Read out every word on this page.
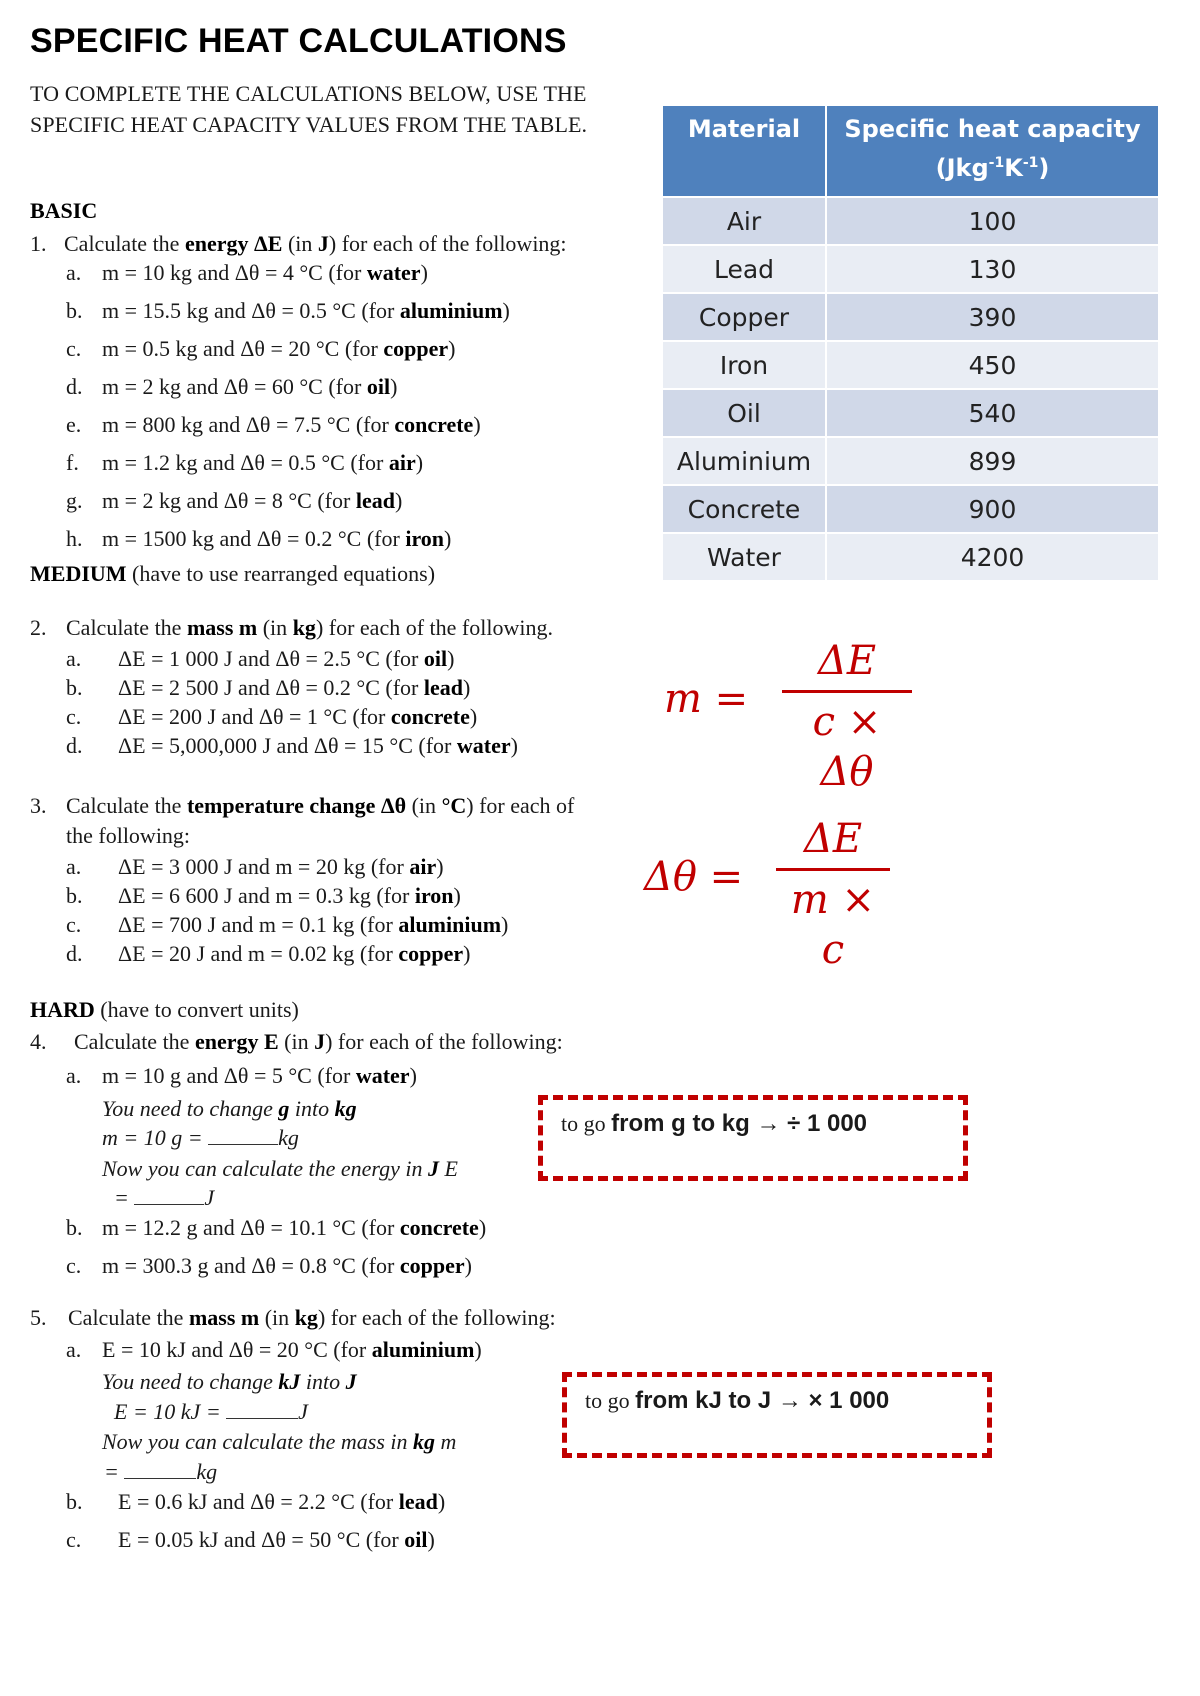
SPECIFIC HEAT CALCULATIONS
TO COMPLETE THE CALCULATIONS BELOW, USE THE SPECIFIC HEAT CAPACITY VALUES FROM THE TABLE.	Material	Specific heat capacity
$(Jkg^{-1}K^{-1})$

Air	100
Lead	130
Copper	390
Iron	450
Oil	540
Aluminium	899
Concrete	900
Water	4200
BASIC
1. Calculate the energy ΔE (in J) for each of the following:
a. m = 10 kg and Δθ = 4 °C (for water)
b. m = 15.5 kg and Δθ = 0.5 °C (for aluminium)
c. m = 0.5 kg and Δθ = 20 °C (for copper)
d. m = 2 kg and Δθ = 60 °C (for oil)
e. m = 800 kg and Δθ = 7.5 °C (for concrete)
f. m = 1.2 kg and Δθ = 0.5 °C (for air)
g. m = 2 kg and Δθ = 8 °C (for lead)
h. m = 1500 kg and Δθ = 0.2 °C (for iron)
MEDIUM (have to use rearranged equations)
2. Calculate the mass m (in kg) for each of the following.
a. ΔE = 1 000 J and Δθ = 2.5 °C (for oil)
b. ΔE = 2 500 J and Δθ = 0.2 °C (for lead)
c. ΔE = 200 J and Δθ = 1 °C (for concrete)
d. ΔE = 5,000,000 J and Δθ = 15 °C (for water)
3. Calculate the temperature change Δθ (in °C) for each of
the following:
a. ΔE = 3 000 J and m = 20 kg (for air)
b. ΔE = 6 600 J and m = 0.3 kg (for iron)
c. ΔE = 700 J and m = 0.1 kg (for aluminium)
d. ΔE = 20 J and m = 0.02 kg (for copper)
m =
ΔE
c × Δθ
Δθ =
ΔE
m × c
HARD (have to convert units)
4. Calculate the energy E (in J) for each of the following:
a. m = 10 g and Δθ = 5 °C (for water)
You need to change g into kg
m = 10 g =	kg
Now you can calculate the energy in J E
=	J
b. m = 12.2 g and Δθ = 10.1 °C (for concrete)
c. m = 300.3 g and Δθ = 0.8 °C (for copper)
to go from g to kg → ÷ 1 000
5. Calculate the mass m (in kg) for each of the following:
a. E = 10 kJ and Δθ = 20 °C (for aluminium)
You need to change kJ into J
E = 10 kJ =	J
Now you can calculate the mass in kg m
=	kg
b. E = 0.6 kJ and Δθ = 2.2 °C (for lead)
c. E = 0.05 kJ and Δθ = 50 °C (for oil)
to go from kJ to J → × 1 000
